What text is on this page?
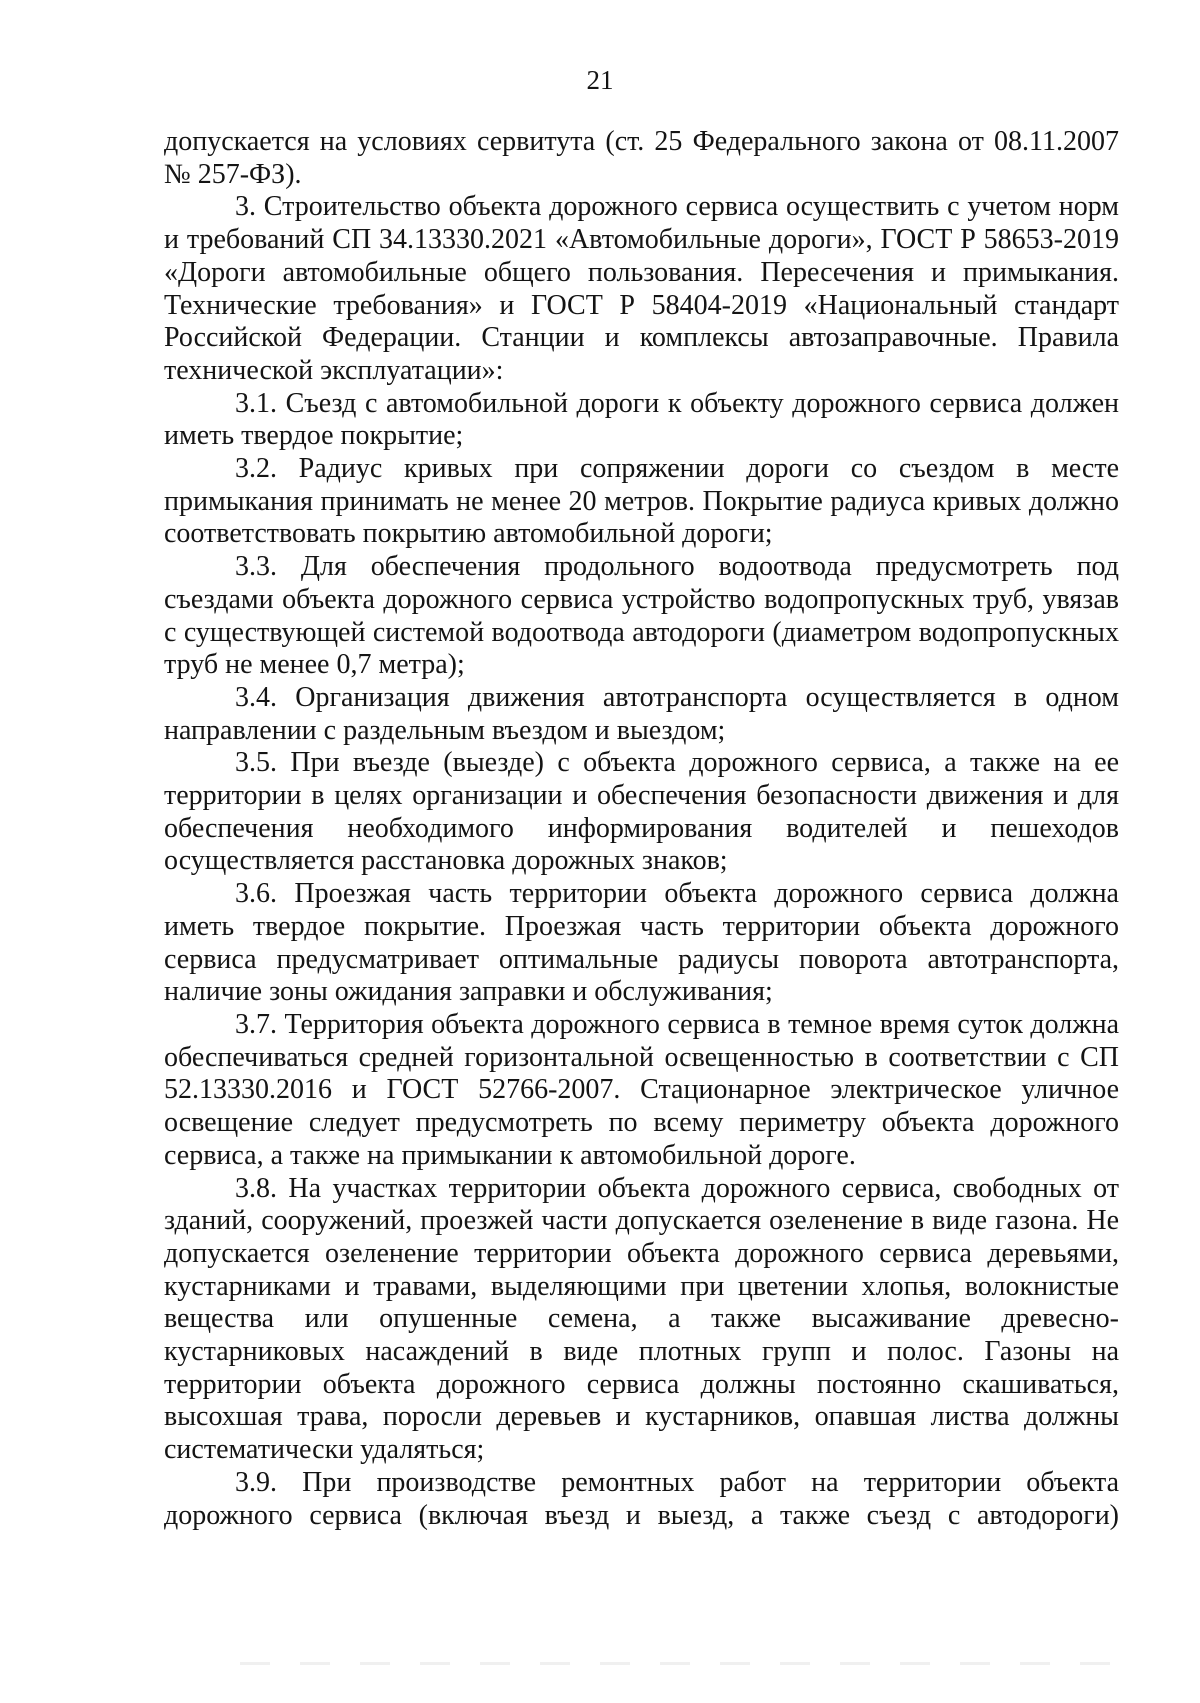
21

допускается на условиях сервитута (ст. 25 Федерального закона от 08.11.2007 № 257-ФЗ).

3. Строительство объекта дорожного сервиса осуществить с учетом норм и требований СП 34.13330.2021 «Автомобильные дороги», ГОСТ Р 58653-2019 «Дороги автомобильные общего пользования. Пересечения и примыкания. Технические требования» и ГОСТ Р 58404-2019 «Национальный стандарт Российской Федерации. Станции и комплексы автозаправочные. Правила технической эксплуатации»:

3.1. Съезд с автомобильной дороги к объекту дорожного сервиса должен иметь твердое покрытие;

3.2. Радиус кривых при сопряжении дороги со съездом в месте примыкания принимать не менее 20 метров. Покрытие радиуса кривых должно соответствовать покрытию автомобильной дороги;

3.3. Для обеспечения продольного водоотвода предусмотреть под съездами объекта дорожного сервиса устройство водопропускных труб, увязав с существующей системой водоотвода автодороги (диаметром водопропускных труб не менее 0,7 метра);

3.4. Организация движения автотранспорта осуществляется в одном направлении с раздельным въездом и выездом;

3.5. При въезде (выезде) с объекта дорожного сервиса, а также на ее территории в целях организации и обеспечения безопасности движения и для обеспечения необходимого информирования водителей и пешеходов осуществляется расстановка дорожных знаков;

3.6. Проезжая часть территории объекта дорожного сервиса должна иметь твердое покрытие. Проезжая часть территории объекта дорожного сервиса предусматривает оптимальные радиусы поворота автотранспорта, наличие зоны ожидания заправки и обслуживания;

3.7. Территория объекта дорожного сервиса в темное время суток должна обеспечиваться средней горизонтальной освещенностью в соответствии с СП 52.13330.2016 и ГОСТ 52766-2007. Стационарное электрическое уличное освещение следует предусмотреть по всему периметру объекта дорожного сервиса, а также на примыкании к автомобильной дороге.

3.8. На участках территории объекта дорожного сервиса, свободных от зданий, сооружений, проезжей части допускается озеленение в виде газона. Не допускается озеленение территории объекта дорожного сервиса деревьями, кустарниками и травами, выделяющими при цветении хлопья, волокнистые вещества или опушенные семена, а также высаживание древесно-кустарниковых насаждений в виде плотных групп и полос. Газоны на территории объекта дорожного сервиса должны постоянно скашиваться, высохшая трава, поросли деревьев и кустарников, опавшая листва должны систематически удаляться;

3.9. При производстве ремонтных работ на территории объекта дорожного сервиса (включая въезд и выезд, а также съезд с автодороги)
